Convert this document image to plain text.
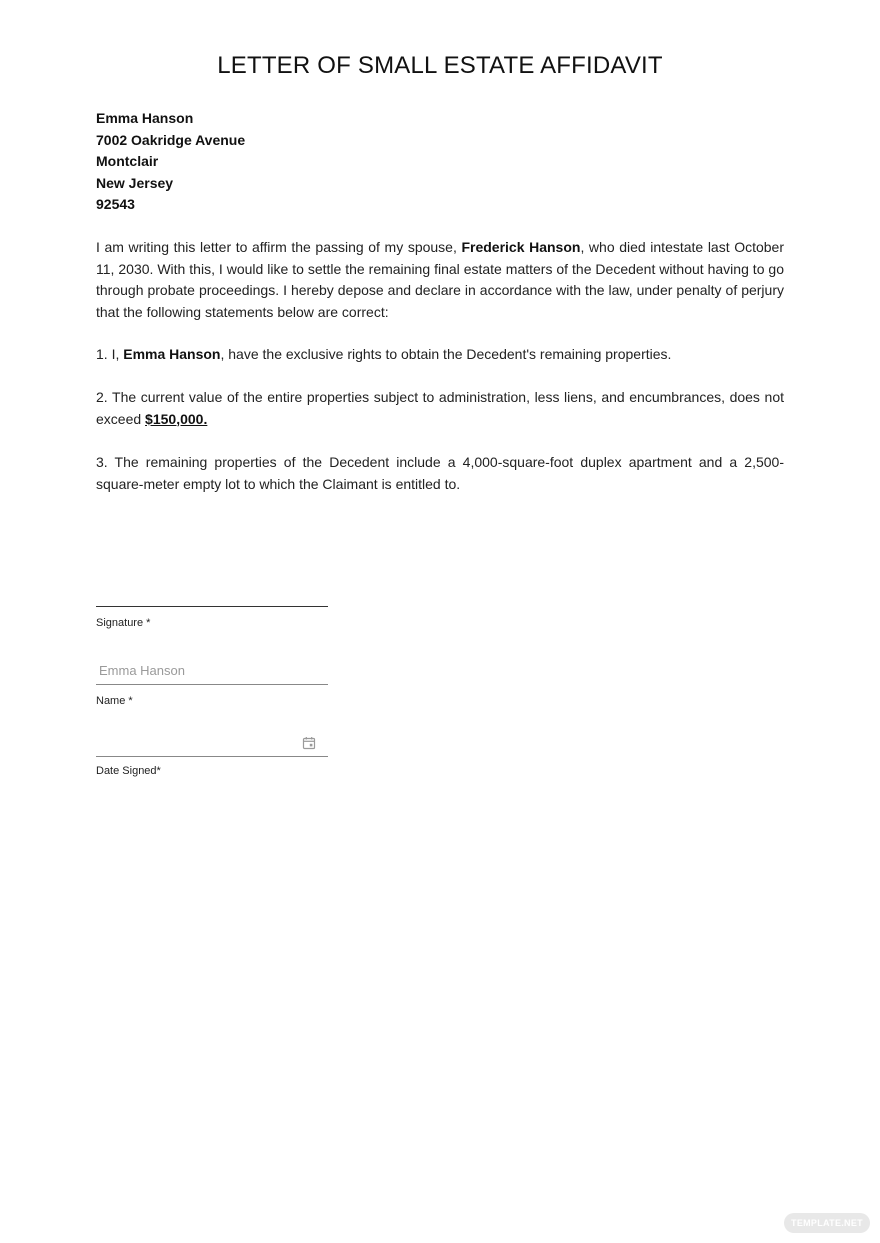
LETTER OF SMALL ESTATE AFFIDAVIT
Emma Hanson
7002 Oakridge Avenue
Montclair
New Jersey
92543
I am writing this letter to affirm the passing of my spouse, Frederick Hanson, who died intestate last October 11, 2030. With this, I would like to settle the remaining final estate matters of the Decedent without having to go through probate proceedings. I hereby depose and declare in accordance with the law, under penalty of perjury that the following statements below are correct:
1. I, Emma Hanson, have the exclusive rights to obtain the Decedent's remaining properties.
2. The current value of the entire properties subject to administration, less liens, and encumbrances, does not exceed $150,000.
3. The remaining properties of the Decedent include a 4,000-square-foot duplex apartment and a 2,500-square-meter empty lot to which the Claimant is entitled to.
Signature *
Emma Hanson
Name *
Date Signed*
TEMPLATE.NET
